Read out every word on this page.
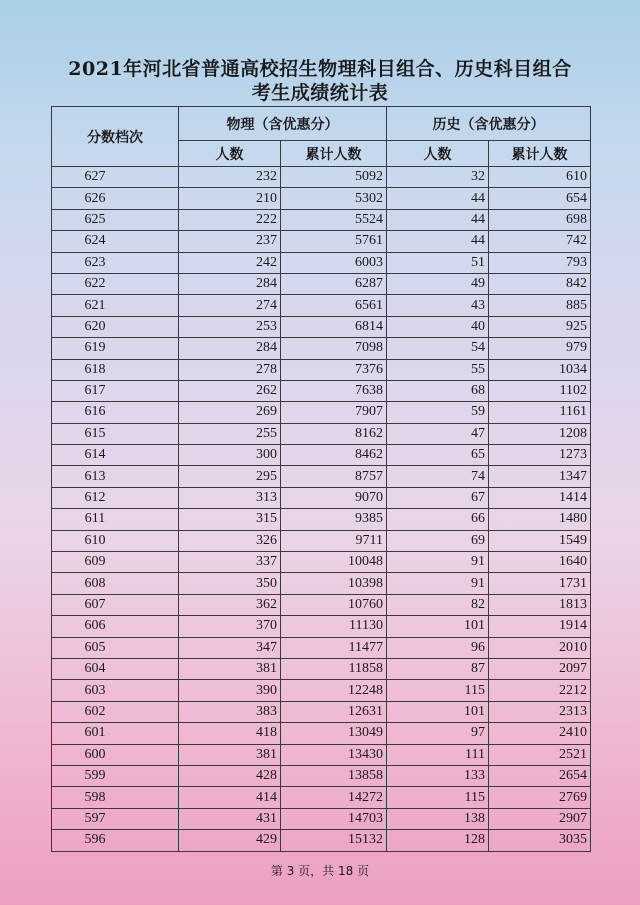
2021年河北省普通高校招生物理科目组合、历史科目组合
考生成绩统计表
分数档次	物理（含优惠分）		历史（含优惠分）	
	人数	累计人数	人数	累计人数
627	232	5092	32	610
626	210	5302	44	654
625	222	5524	44	698
624	237	5761	44	742
623	242	6003	51	793
622	284	6287	49	842
621	274	6561	43	885
620	253	6814	40	925
619	284	7098	54	979
618	278	7376	55	1034
617	262	7638	68	1102
616	269	7907	59	1161
615	255	8162	47	1208
614	300	8462	65	1273
613	295	8757	74	1347
612	313	9070	67	1414
611	315	9385	66	1480
610	326	9711	69	1549
609	337	10048	91	1640
608	350	10398	91	1731
607	362	10760	82	1813
606	370	11130	101	1914
605	347	11477	96	2010
604	381	11858	87	2097
603	390	12248	115	2212
602	383	12631	101	2313
601	418	13049	97	2410
600	381	13430	111	2521
599	428	13858	133	2654
598	414	14272	115	2769
597	431	14703	138	2907
596	429	15132	128	3035
第 3 页，共 18 页
